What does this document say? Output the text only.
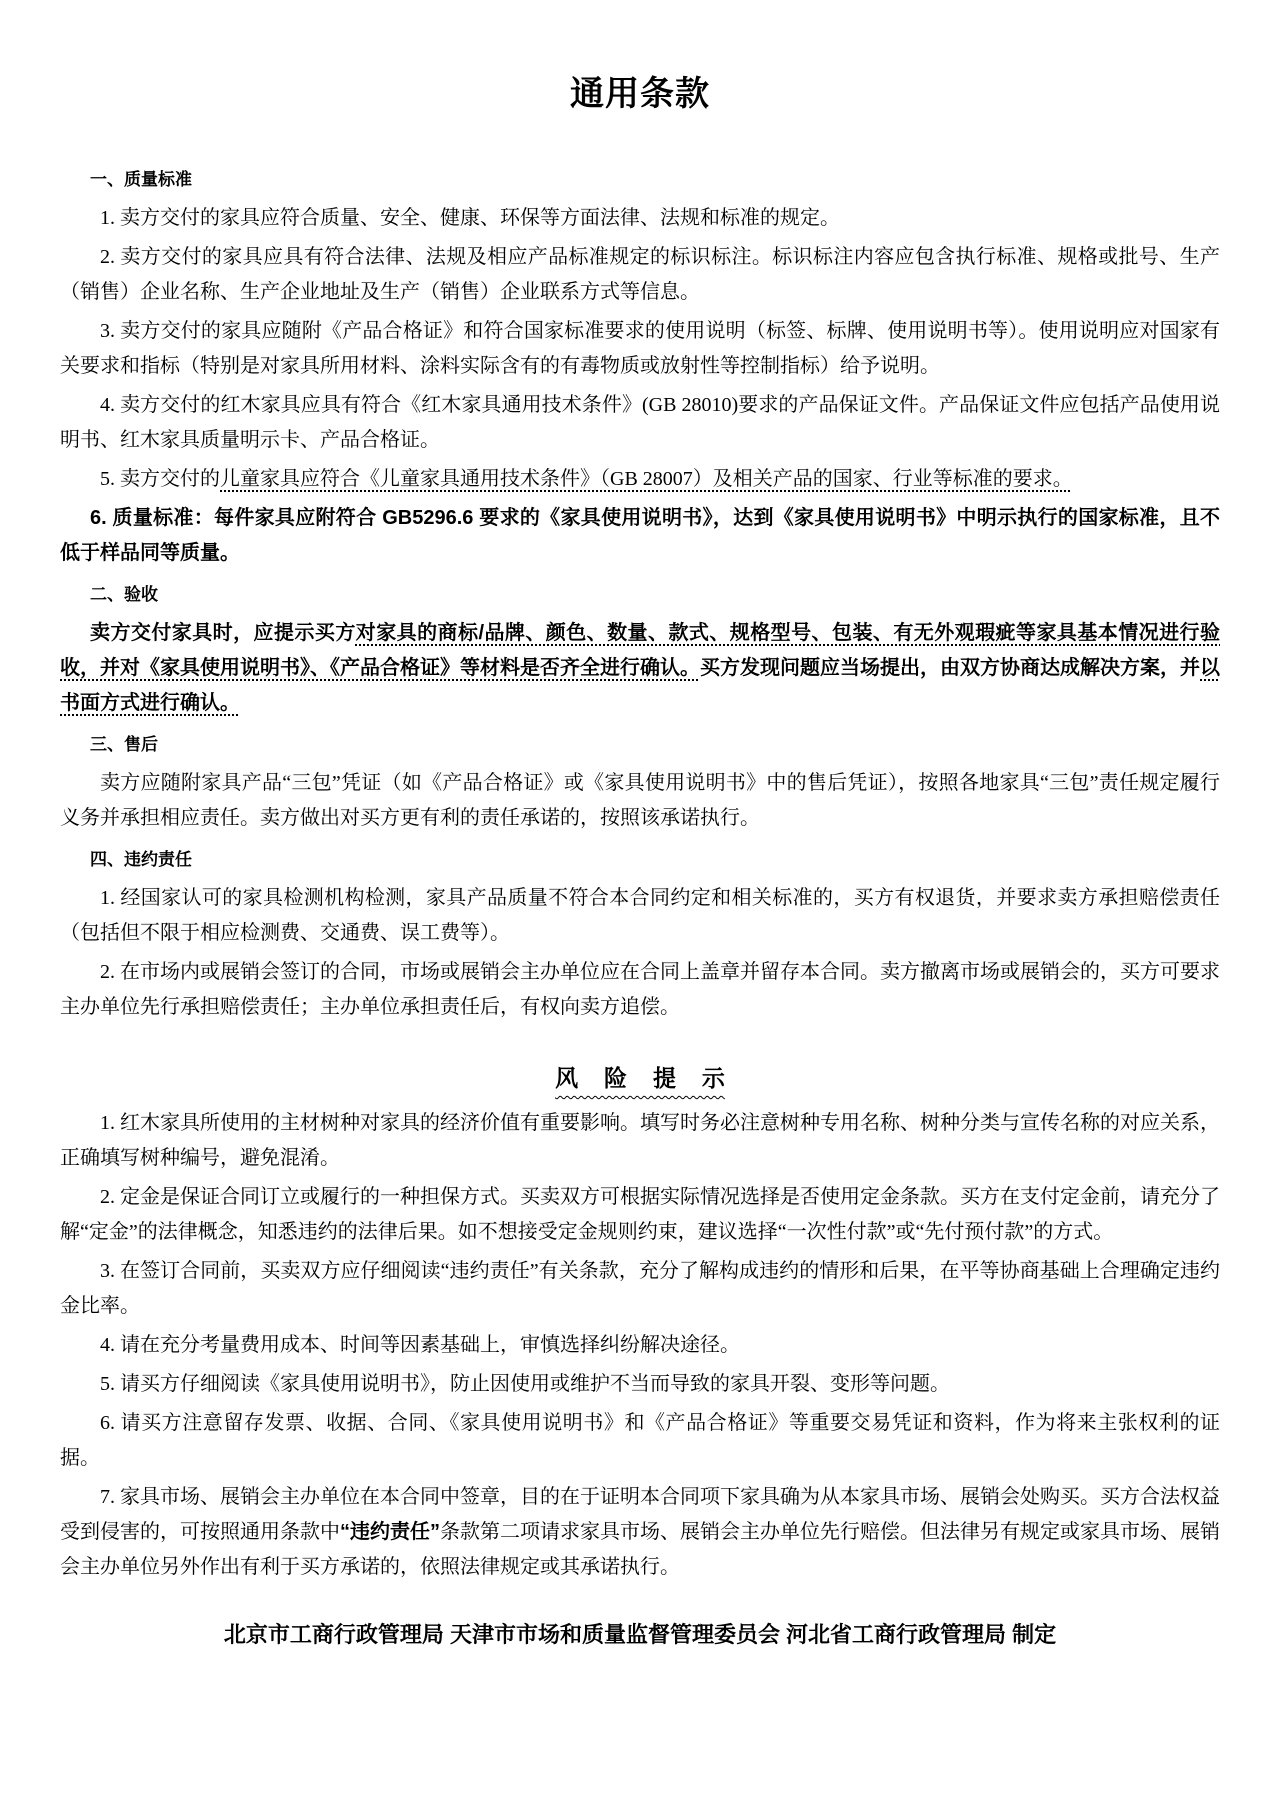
通用条款
一、质量标准

1. 卖方交付的家具应符合质量、安全、健康、环保等方面法律、法规和标准的规定。

2. 卖方交付的家具应具有符合法律、法规及相应产品标准规定的标识标注。标识标注内容应包含执行标准、规格或批号、生产（销售）企业名称、生产企业地址及生产（销售）企业联系方式等信息。

3. 卖方交付的家具应随附《产品合格证》和符合国家标准要求的使用说明（标签、标牌、使用说明书等）。使用说明应对国家有关要求和指标（特别是对家具所用材料、涂料实际含有的有毒物质或放射性等控制指标）给予说明。

4. 卖方交付的红木家具应具有符合《红木家具通用技术条件》(GB 28010)要求的产品保证文件。产品保证文件应包括产品使用说明书、红木家具质量明示卡、产品合格证。

5. 卖方交付的儿童家具应符合《儿童家具通用技术条件》（GB 28007）及相关产品的国家、行业等标准的要求。

6. 质量标准：每件家具应附符合 GB5296.6 要求的《家具使用说明书》，达到《家具使用说明书》中明示执行的国家标准，且不低于样品同等质量。

二、验收

卖方交付家具时，应提示买方对家具的商标/品牌、颜色、数量、款式、规格型号、包装、有无外观瑕疵等家具基本情况进行验收，并对《家具使用说明书》、《产品合格证》等材料是否齐全进行确认。买方发现问题应当场提出，由双方协商达成解决方案，并以书面方式进行确认。

三、售后

卖方应随附家具产品“三包”凭证（如《产品合格证》或《家具使用说明书》中的售后凭证），按照各地家具“三包”责任规定履行义务并承担相应责任。卖方做出对买方更有利的责任承诺的，按照该承诺执行。

四、违约责任

1. 经国家认可的家具检测机构检测，家具产品质量不符合本合同约定和相关标准的，买方有权退货，并要求卖方承担赔偿责任（包括但不限于相应检测费、交通费、误工费等）。

2. 在市场内或展销会签订的合同，市场或展销会主办单位应在合同上盖章并留存本合同。卖方撤离市场或展销会的，买方可要求主办单位先行承担赔偿责任；主办单位承担责任后，有权向卖方追偿。

风 险 提 示

1. 红木家具所使用的主材树种对家具的经济价值有重要影响。填写时务必注意树种专用名称、树种分类与宣传名称的对应关系，正确填写树种编号，避免混淆。

2. 定金是保证合同订立或履行的一种担保方式。买卖双方可根据实际情况选择是否使用定金条款。买方在支付定金前，请充分了解“定金”的法律概念，知悉违约的法律后果。如不想接受定金规则约束，建议选择“一次性付款”或“先付预付款”的方式。

3. 在签订合同前，买卖双方应仔细阅读“违约责任”有关条款，充分了解构成违约的情形和后果，在平等协商基础上合理确定违约金比率。

4. 请在充分考量费用成本、时间等因素基础上，审慎选择纠纷解决途径。

5. 请买方仔细阅读《家具使用说明书》，防止因使用或维护不当而导致的家具开裂、变形等问题。

6. 请买方注意留存发票、收据、合同、《家具使用说明书》和《产品合格证》等重要交易凭证和资料，作为将来主张权利的证据。

7. 家具市场、展销会主办单位在本合同中签章，目的在于证明本合同项下家具确为从本家具市场、展销会处购买。买方合法权益受到侵害的，可按照通用条款中“违约责任”条款第二项请求家具市场、展销会主办单位先行赔偿。但法律另有规定或家具市场、展销会主办单位另外作出有利于买方承诺的，依照法律规定或其承诺执行。

北京市工商行政管理局 天津市市场和质量监督管理委员会 河北省工商行政管理局 制定
